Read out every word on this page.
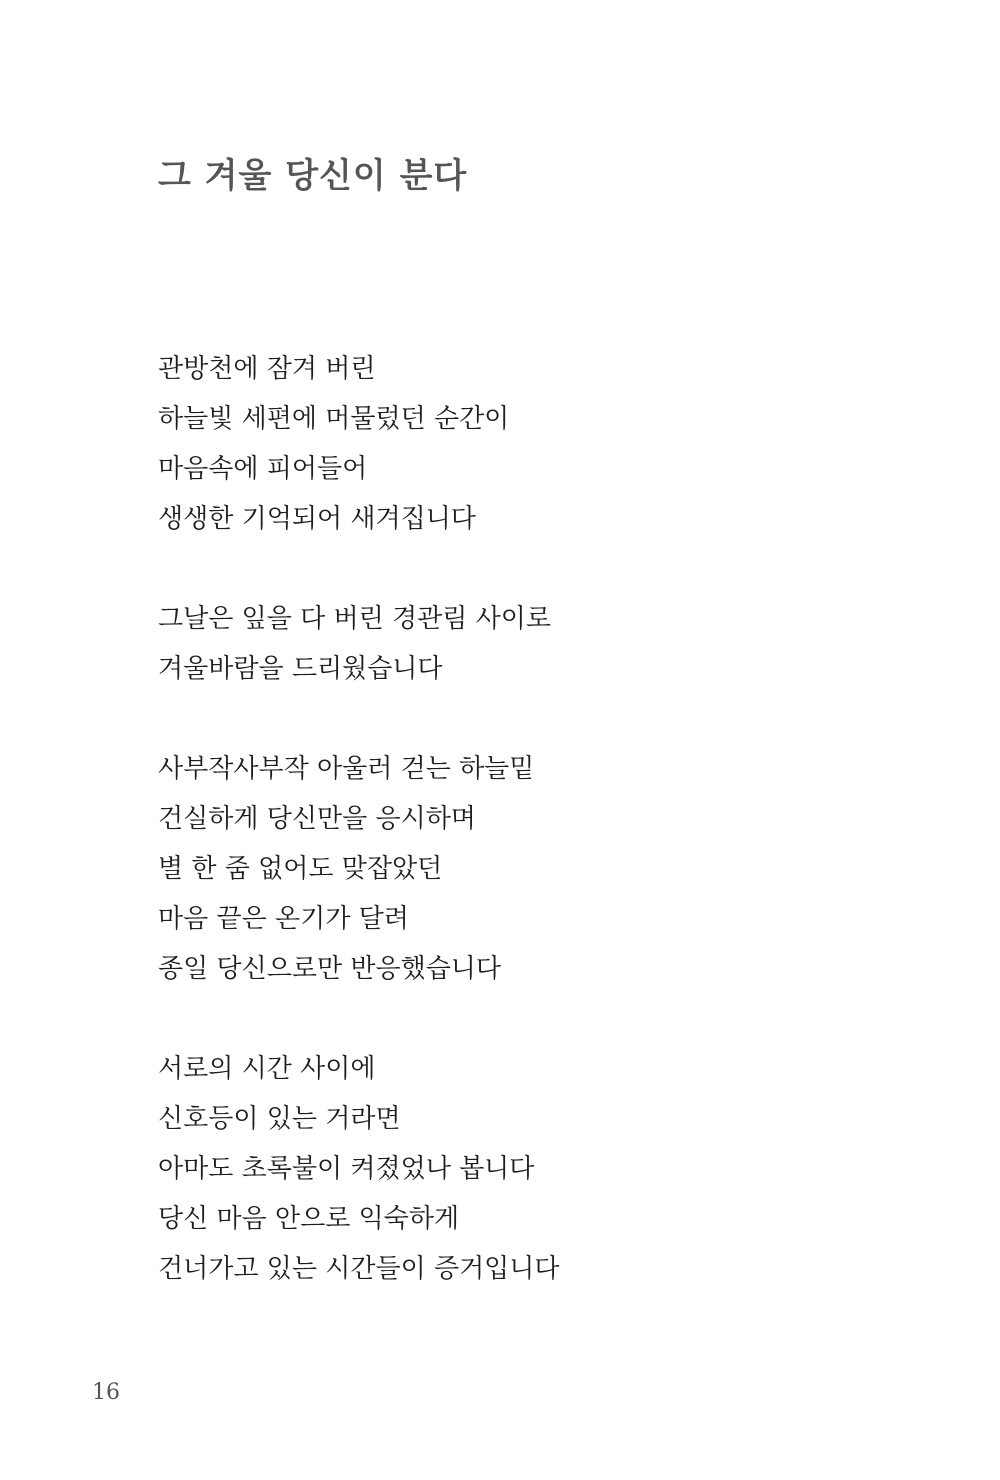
그 겨울 당신이 분다
관방천에 잠겨 버린
하늘빛 세편에 머물렀던 순간이
마음속에 피어들어
생생한 기억되어 새겨집니다
그날은 잎을 다 버린 경관림 사이로
겨울바람을 드리웠습니다
사부작사부작 아울러 걷는 하늘밑
건실하게 당신만을 응시하며
별 한 줌 없어도 맞잡았던
마음 끝은 온기가 달려
종일 당신으로만 반응했습니다
서로의 시간 사이에
신호등이 있는 거라면
아마도 초록불이 켜졌었나 봅니다
당신 마음 안으로 익숙하게
건너가고 있는 시간들이 증거입니다
16
